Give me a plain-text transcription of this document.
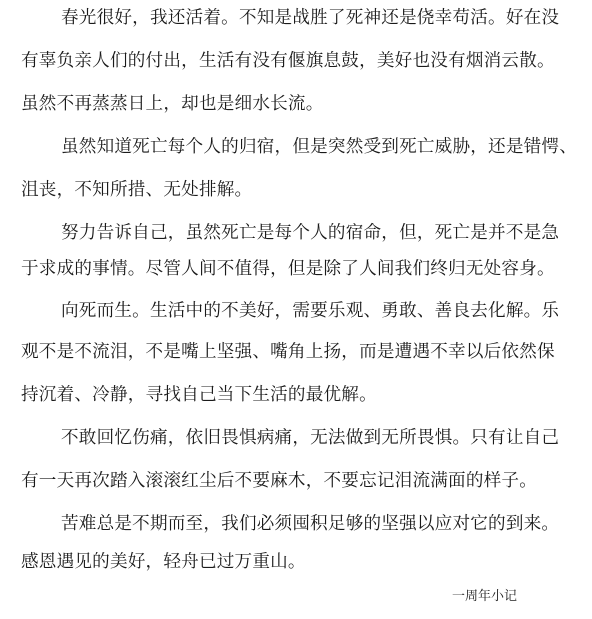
春光很好，我还活着。不知是战胜了死神还是侥幸苟活。好在没
有辜负亲人们的付出，生活有没有偃旗息鼓，美好也没有烟消云散。
虽然不再蒸蒸日上，却也是细水长流。
虽然知道死亡每个人的归宿，但是突然受到死亡威胁，还是错愕、
沮丧，不知所措、无处排解。
努力告诉自己，虽然死亡是每个人的宿命，但，死亡是并不是急
于求成的事情。尽管人间不值得，但是除了人间我们终归无处容身。
向死而生。生活中的不美好，需要乐观、勇敢、善良去化解。乐
观不是不流泪，不是嘴上坚强、嘴角上扬，而是遭遇不幸以后依然保
持沉着、冷静，寻找自己当下生活的最优解。
不敢回忆伤痛，依旧畏惧病痛，无法做到无所畏惧。只有让自己
有一天再次踏入滚滚红尘后不要麻木，不要忘记泪流满面的样子。
苦难总是不期而至，我们必须囤积足够的坚强以应对它的到来。
感恩遇见的美好，轻舟已过万重山。
一周年小记
